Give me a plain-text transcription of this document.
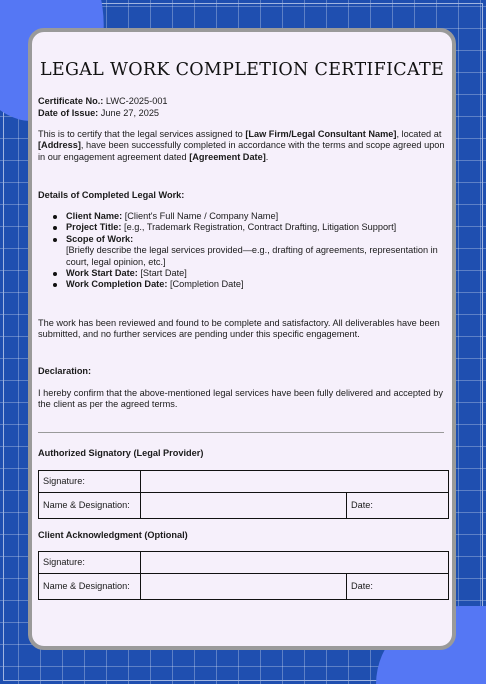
LEGAL WORK COMPLETION CERTIFICATE
Certificate No.: LWC-2025-001
Date of Issue: June 27, 2025
This is to certify that the legal services assigned to [Law Firm/Legal Consultant Name], located at [Address], have been successfully completed in accordance with the terms and scope agreed upon in our engagement agreement dated [Agreement Date].
Details of Completed Legal Work:
Client Name: [Client's Full Name / Company Name]
Project Title: [e.g., Trademark Registration, Contract Drafting, Litigation Support]
Scope of Work:
[Briefly describe the legal services provided—e.g., drafting of agreements, representation in court, legal opinion, etc.]
Work Start Date: [Start Date]
Work Completion Date: [Completion Date]
The work has been reviewed and found to be complete and satisfactory. All deliverables have been submitted, and no further services are pending under this specific engagement.
Declaration:
I hereby confirm that the above-mentioned legal services have been fully delivered and accepted by the client as per the agreed terms.
Authorized Signatory (Legal Provider)
Signature:		
Name & Designation:		Date:
Client Acknowledgment (Optional)
Signature:		
Name & Designation:		Date:
